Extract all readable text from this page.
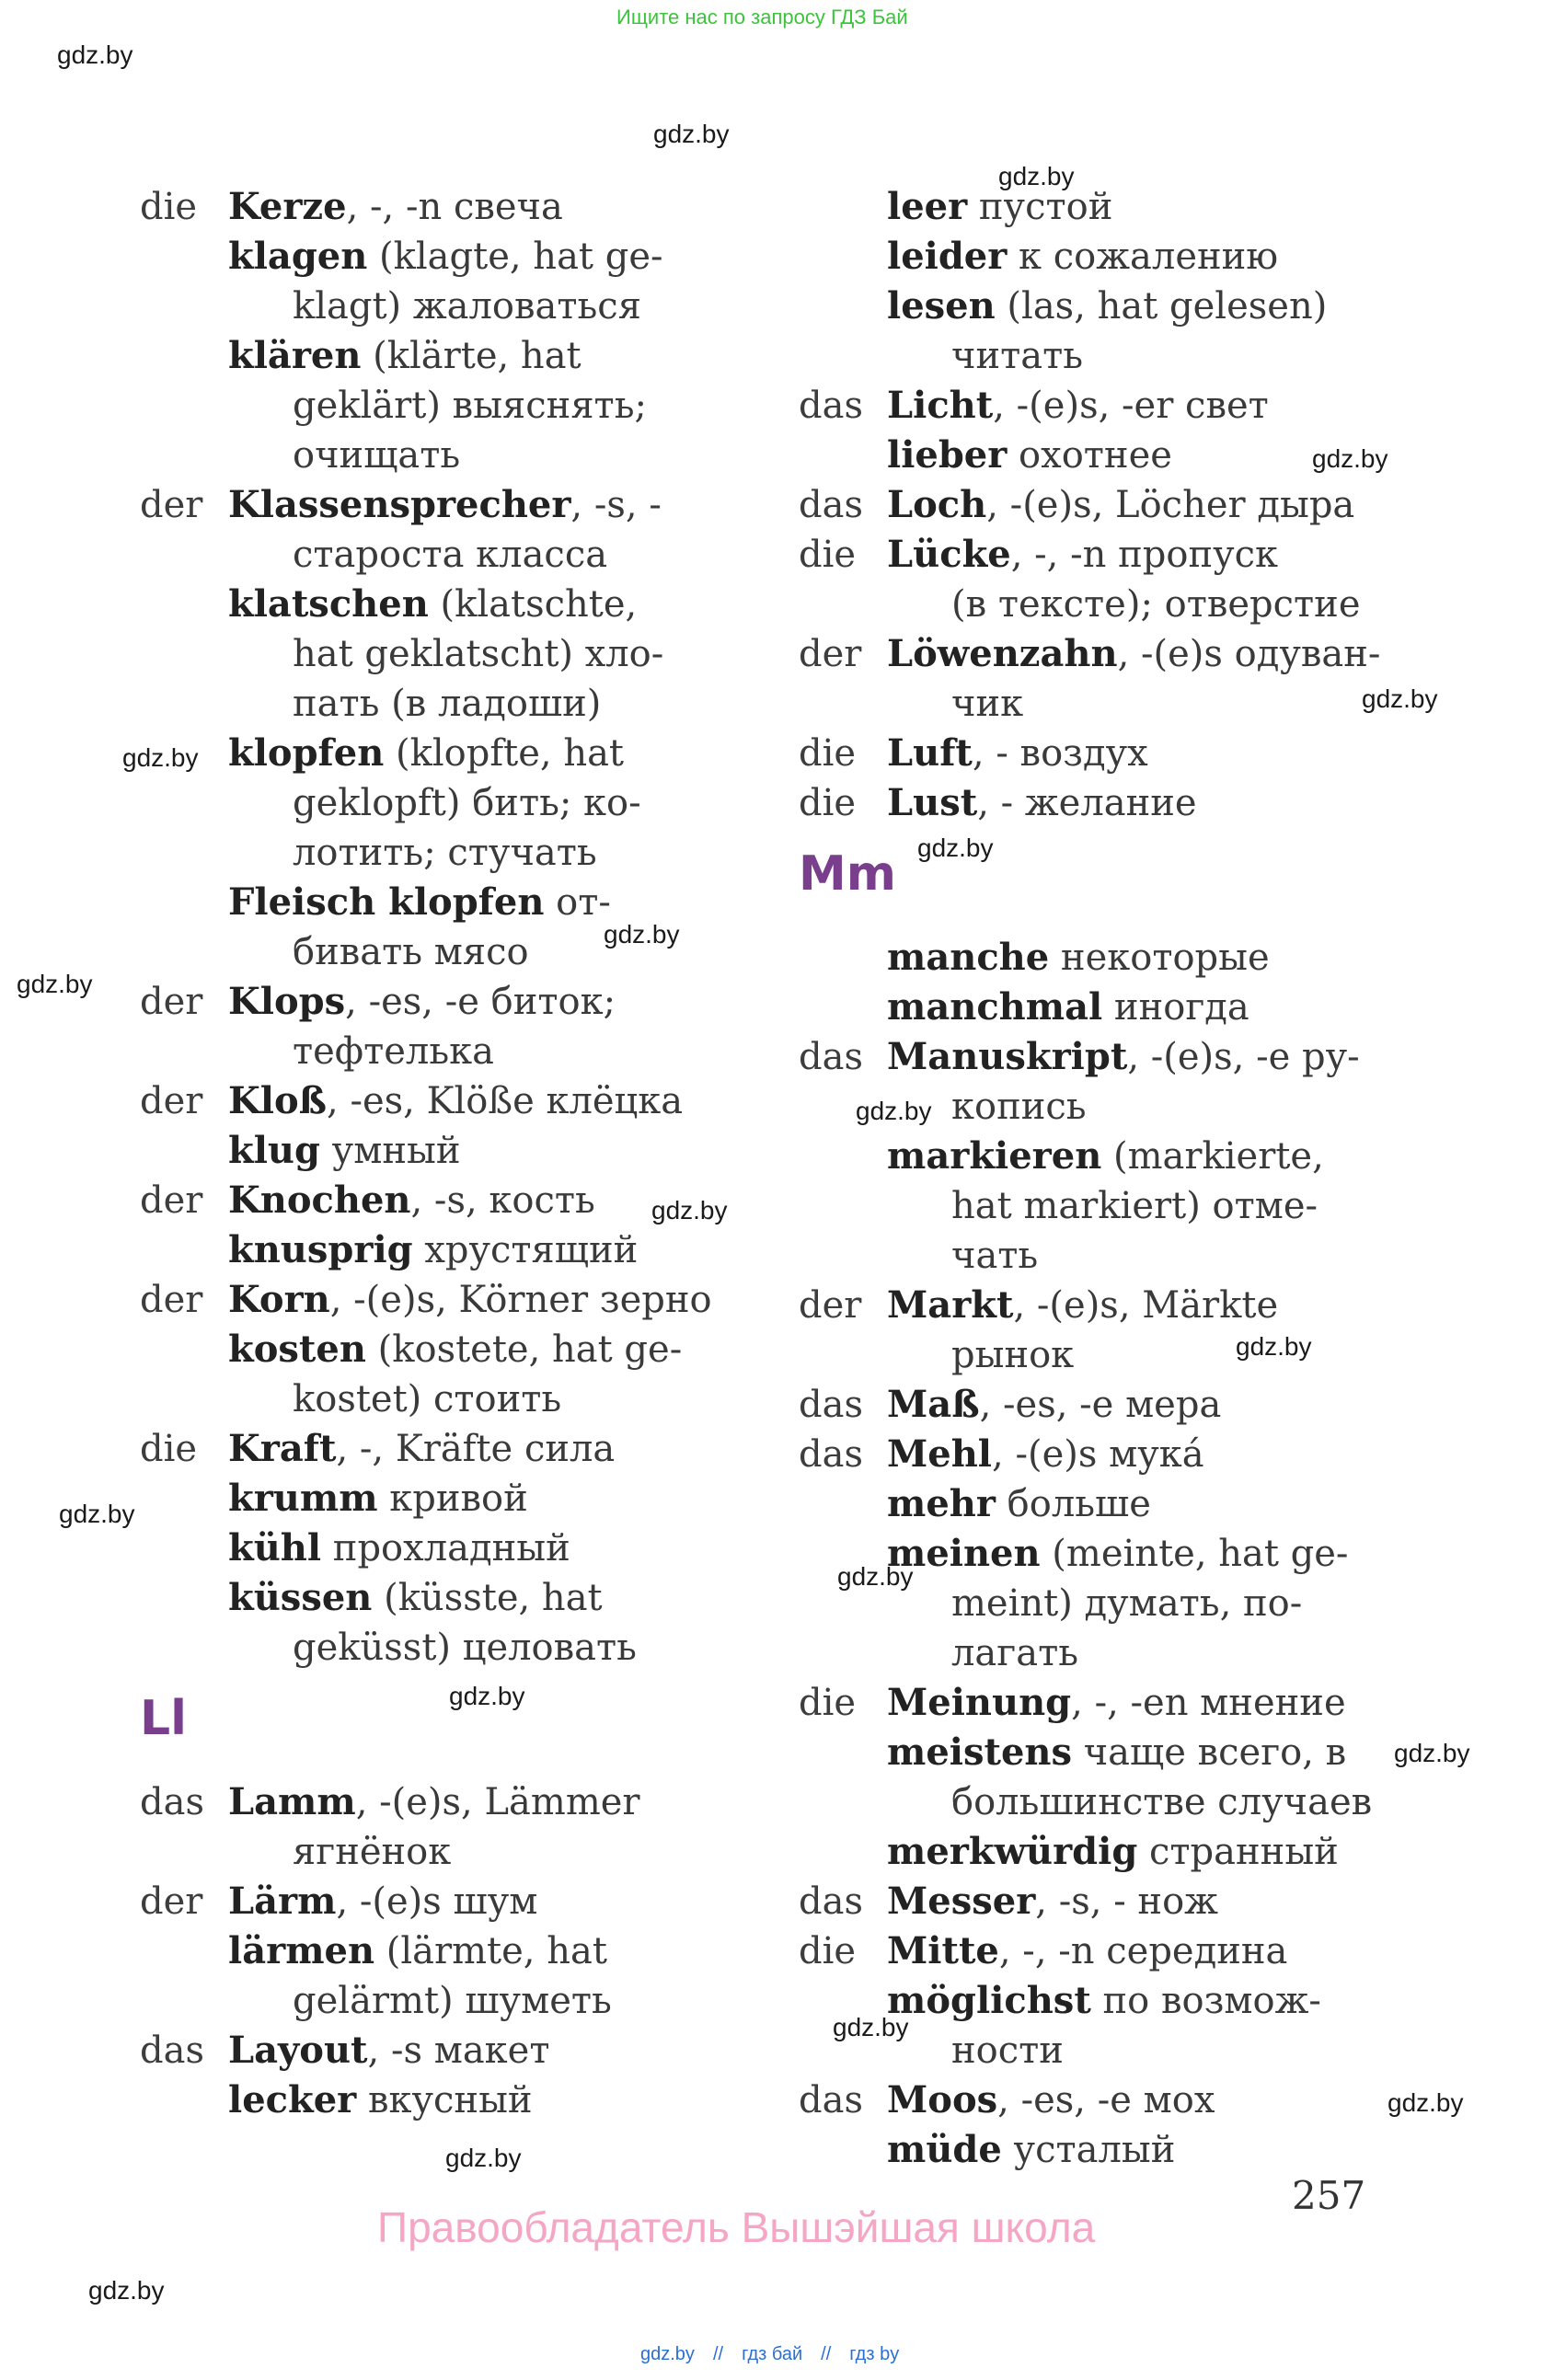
Ищите нас по запросу ГДЗ Бай
gdz.by
gdz.by
gdz.by
gdz.by
gdz.by
gdz.by
gdz.by
gdz.by
gdz.by
gdz.by
gdz.by
gdz.by
gdz.by
gdz.by
gdz.by
gdz.by
gdz.by
gdz.by
gdz.by
gdz.by
die Kerze, -, -n свеча
klagen (klagte, hat ge-
klagt) жаловаться
klären (klärte, hat
geklärt) выяснять;
очищать
der Klassensprecher, -s, -
староста класса
klatschen (klatschte,
hat geklatscht) хло-
пать (в ладоши)
klopfen (klopfte, hat
geklopft) бить; ко-
лотить; стучать
Fleisch klopfen от-
бивать мясо
der Klops, -es, -e биток;
тефтелька
der Kloß, -es, Klöße клёцка
klug умный
der Knochen, -s, кость
knusprig хрустящий
der Korn, -(e)s, Körner зерно
kosten (kostete, hat ge-
kostet) стоить
die Kraft, -, Kräfte сила
krumm кривой
kühl прохладный
küssen (küsste, hat
geküsst) целовать
Ll
das Lamm, -(e)s, Lämmer
ягнёнок
der Lärm, -(e)s шум
lärmen (lärmte, hat
gelärmt) шуметь
das Layout, -s макет
lecker вкусный
leer пустой
leider к сожалению
lesen (las, hat gelesen)
читать
das Licht, -(e)s, -er свет
lieber охотнее
das Loch, -(e)s, Löcher дыра
die Lücke, -, -n пропуск
(в тексте); отверстие
der Löwenzahn, -(e)s одуван-
чик
die Luft, - воздух
die Lust, - желание
Mm
manche некоторые
manchmal иногда
das Manuskript, -(e)s, -e ру-
копись
markieren (markierte,
hat markiert) отме-
чать
der Markt, -(e)s, Märkte
рынок
das Maß, -es, -e мера
das Mehl, -(e)s мукá
mehr больше
meinen (meinte, hat ge-
meint) думать, по-
лагать
die Meinung, -, -en мнение
meistens чаще всего, в
большинстве случаев
merkwürdig странный
das Messer, -s, - нож
die Mitte, -, -n середина
möglichst по возмож-
ности
das Moos, -es, -e мох
müde усталый
257
Правообладатель Вышэйшая школа
gdz.by // гдз бай // гдз by
